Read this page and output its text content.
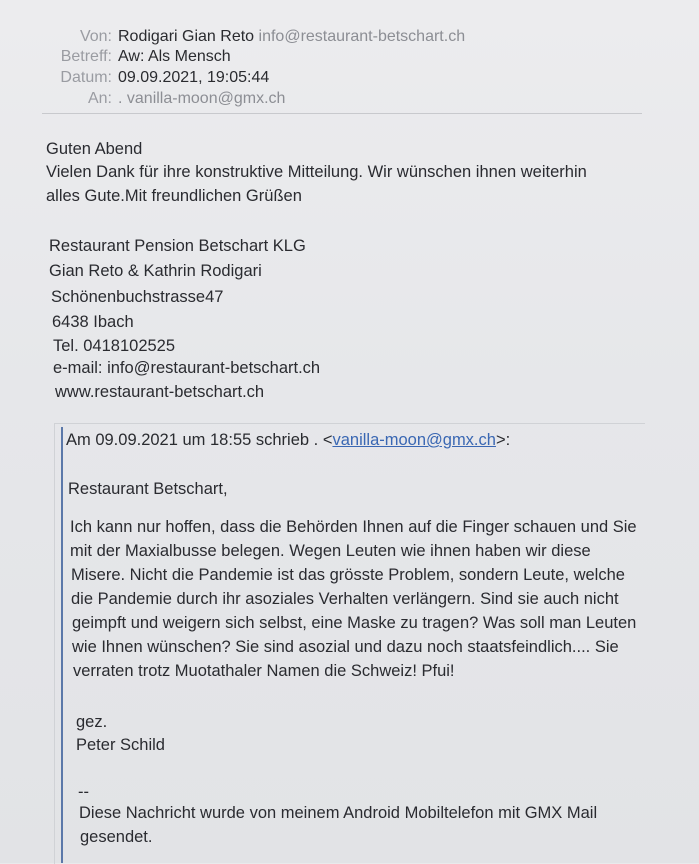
Von: Rodigari Gian Reto info@restaurant-betschart.ch
Betreff: Aw: Als Mensch
Datum: 09.09.2021, 19:05:44
An: . vanilla-moon@gmx.ch
Guten Abend
Vielen Dank für ihre konstruktive Mitteilung. Wir wünschen ihnen weiterhin
alles Gute.Mit freundlichen Grüßen
Restaurant Pension Betschart KLG
Gian Reto & Kathrin Rodigari
Schönenbuchstrasse47
6438 Ibach
Tel. 0418102525
e-mail: info@restaurant-betschart.ch
www.restaurant-betschart.ch
Am 09.09.2021 um 18:55 schrieb . <vanilla-moon@gmx.ch>:
Restaurant Betschart,
Ich kann nur hoffen, dass die Behörden Ihnen auf die Finger schauen und Sie
mit der Maxialbusse belegen. Wegen Leuten wie ihnen haben wir diese
Misere. Nicht die Pandemie ist das grösste Problem, sondern Leute, welche
die Pandemie durch ihr asoziales Verhalten verlängern. Sind sie auch nicht
geimpft und weigern sich selbst, eine Maske zu tragen? Was soll man Leuten
wie Ihnen wünschen? Sie sind asozial und dazu noch staatsfeindlich.... Sie
verraten trotz Muotathaler Namen die Schweiz! Pfui!
gez.
Peter Schild
--
Diese Nachricht wurde von meinem Android Mobiltelefon mit GMX Mail
gesendet.
